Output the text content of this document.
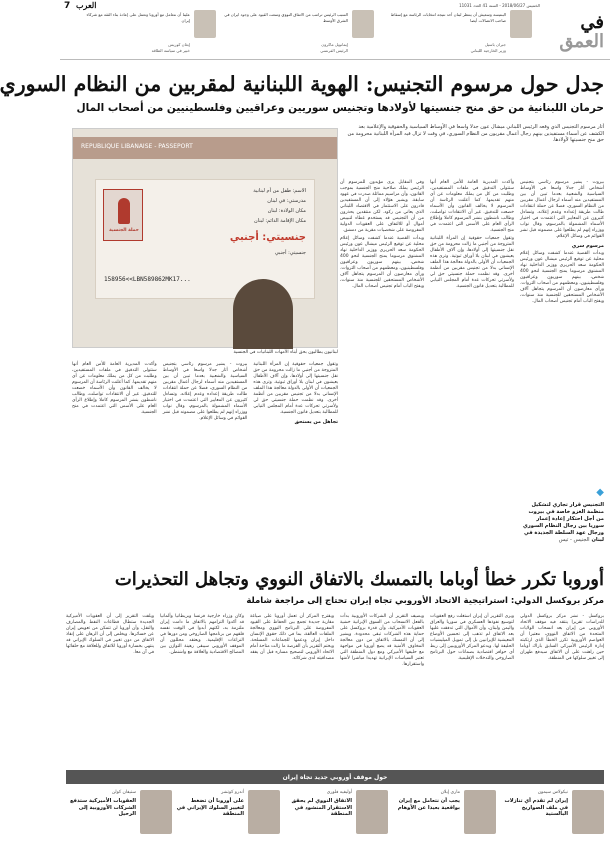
7 العرب	الخميس 2018/06/27 - السنة 41 العدد 11031
في
العمق
البنتيسة وسعيش أن ينتظر لبنان أحد نتيجة انتخابات الرئاسة مع إسقاط صاحب الاتصالات أيضا
جبران باسيل
وزير الخارجية اللبناني
السبب الرئيس ترامب من الاتفاق النووي وسعت القيود على وجود ايران في الشرق الأوسط
إيمانويل ماكرون
الرئيس الفرنسي
علينا أن نتعامل مع أوروبا ونعمل على إعادة بناء الثقة مع شركاء إيران
إيغان كوريس
خبير في سياسة الطاقة
جدل حول مرسوم التجنيس: الهوية اللبنانية لمقربين من النظام السوري
حرمان اللبنانية من حق منح جنسيتها لأولادها وتجنيس سوريين وعراقيين وفلسطينيين من أصحاب المال

أثار مرسوم التجنيس الذي وقعه الرئيس اللبناني ميشال عون جدلا واسعا في الأوساط السياسية والحقوقية والإعلامية بعد الكشف عن أسماء مستفيدين بينهم رجال أعمال مقربون من النظام السوري، في وقت لا تزال فيه المرأة اللبنانية محرومة من حق منح جنسيتها لأولادها.

REPUBLIQUE LIBANAISE - PASSEPORT
الاسم: طفل من أم لبنانية
مدرستي: في لبنان
مكان الولادة: لبنان
مكان الإقامة الدائم: لبنان
جنسيتي: أجنبي
جنسيتي: أجنبي
158956<<LBN589862MK17...
حملة الجنسية
لبنانيون يطالبون بحق أبناء الأمهات اللبنانيات في الجنسية

بيروت - يشير مرسوم رئاسي بتجنيس أشخاص أثار جدلا واسعا في الأوساط السياسية والشعبية بعدما تبين أن بين المستفيدين منه أسماء لرجال أعمال مقربين من النظام السوري، فضلا عن حملة انتقادات طالت طريقة إعداده وعدم إعلانه. وتساءل كثيرون عن المعايير التي اعتمدت في اختيار الأسماء المشمولة بالمرسوم، وقال نواب ووزراء إنهم لم يطلعوا على مضمونه قبل نشر القوائم في وسائل الإعلام.

مرسوم سري

وبدأت القضية عندما كشفت وسائل إعلام محلية عن توقيع الرئيس ميشال عون ورئيس الحكومة سعد الحريري ووزير الداخلية نهاد المشنوق مرسوما يمنح الجنسية لنحو 400 شخص، بينهم سوريون وعراقيون وفلسطينيون، ومعظمهم من أصحاب الثروات. ورأى معارضون أن المرسوم يتجاهل آلاف الأشخاص المستحقين للجنسية منذ سنوات، ويفتح الباب أمام تجنيس أصحاب المال.

وأكدت المديرية العامة للأمن العام أنها ستتولى التدقيق في ملفات المستفيدين، وطلبت من كل من يملك معلومات عن أي منهم تقديمها. كما أعلنت الرئاسة أن المرسوم لا يخالف القانون وأن الأسماء خضعت للتدقيق. غير أن الانتقادات تواصلت، وطالب ناشطون بنشر المرسوم كاملا وإطلاع الرأي العام على الأسس التي اعتمدت في منح الجنسية.

وتقول جمعيات حقوقية إن المرأة اللبنانية المتزوجة من أجنبي ما زالت محرومة من حق نقل جنسيتها إلى أولادها، وإن آلاف الأطفال يعيشون في لبنان بلا أوراق ثبوتية. وترى هذه الجمعيات أن الأولى بالدولة معالجة هذا الملف الإنساني بدلا من تجنيس مقربين من أنظمة أخرى. وقد نظمت حملة جنسيتي حق لي ولأسرتي تحركات عدة أمام المجلس النيابي للمطالبة بتعديل قانون الجنسية.

وفي المقابل يرى مؤيدون للمرسوم أن الرئيس يملك صلاحية منح الجنسية بموجب القانون، وأن مراسيم مماثلة صدرت في عهود سابقة. ويشير هؤلاء إلى أن المستفيدين قادرون على الاستثمار في الاقتصاد اللبناني الذي يعاني من ركود. لكن منتقدين يحذرون من أن التجنيس قد يستخدم غطاء لتبييض أموال أو للالتفاف على العقوبات الدولية المفروضة على شخصيات مقربة من دمشق.

وبدأت القضية عندما كشفت وسائل إعلام محلية عن توقيع الرئيس ميشال عون ورئيس الحكومة سعد الحريري ووزير الداخلية نهاد المشنوق مرسوما يمنح الجنسية لنحو 400 شخص، بينهم سوريون وعراقيون وفلسطينيون، ومعظمهم من أصحاب الثروات. ورأى معارضون أن المرسوم يتجاهل آلاف الأشخاص المستحقين للجنسية منذ سنوات، ويفتح الباب أمام تجنيس أصحاب المال.

وتقول جمعيات حقوقية إن المرأة اللبنانية المتزوجة من أجنبي ما زالت محرومة من حق نقل جنسيتها إلى أولادها، وإن آلاف الأطفال يعيشون في لبنان بلا أوراق ثبوتية. وترى هذه الجمعيات أن الأولى بالدولة معالجة هذا الملف الإنساني بدلا من تجنيس مقربين من أنظمة أخرى. وقد نظمت حملة جنسيتي حق لي ولأسرتي تحركات عدة أمام المجلس النيابي للمطالبة بتعديل قانون الجنسية.

تجاهل من يستحق

بيروت - يشير مرسوم رئاسي بتجنيس أشخاص أثار جدلا واسعا في الأوساط السياسية والشعبية بعدما تبين أن بين المستفيدين منه أسماء لرجال أعمال مقربين من النظام السوري، فضلا عن حملة انتقادات طالت طريقة إعداده وعدم إعلانه. وتساءل كثيرون عن المعايير التي اعتمدت في اختيار الأسماء المشمولة بالمرسوم، وقال نواب ووزراء إنهم لم يطلعوا على مضمونه قبل نشر القوائم في وسائل الإعلام.

وأكدت المديرية العامة للأمن العام أنها ستتولى التدقيق في ملفات المستفيدين، وطلبت من كل من يملك معلومات عن أي منهم تقديمها. كما أعلنت الرئاسة أن المرسوم لا يخالف القانون وأن الأسماء خضعت للتدقيق. غير أن الانتقادات تواصلت، وطالب ناشطون بنشر المرسوم كاملا وإطلاع الرأي العام على الأسس التي اعتمدت في منح الجنسية.

◆
التجنيس قرار تجاري لتشكيل منظمة الغزو خاصة في بيروت من أجل احتكار إعادة إعمار سوريا بين رجال النظام السوري ورجال عهد السلطة الجديدة في لبنان الجنيس - تيس
أوروبا تكرر خطأ أوباما بالتمسك بالاتفاق النووي وتجاهل التحذيرات
مركز بروكسل الدولي: استراتيجية الاتحاد الأوروبي تجاه إيران تحتاج إلى مراجعة شاملة

بروكسل - نشر مركز بروكسل الدولي للدراسات تقريرا ينتقد فيه موقف الاتحاد الأوروبي من إيران بعد انسحاب الولايات المتحدة من الاتفاق النووي، معتبرا أن العواصم الأوروبية تكرر الخطأ الذي ارتكبته إدارة الرئيس الأميركي السابق باراك أوباما حين راهنت على أن الاتفاق سيدفع طهران إلى تغيير سلوكها في المنطقة.

ويرى التقرير أن إيران استغلت رفع العقوبات لتوسيع نفوذها العسكري في سوريا والعراق واليمن ولبنان، وأن الأموال التي تدفقت عليها بعد الاتفاق لم تذهب إلى تحسين الأوضاع المعيشية للإيرانيين بل إلى تمويل الميليشيات الحليفة لها. ويدعو المركز الأوروبيين إلى ربط أي حوافز اقتصادية بضمانات حول البرنامج الصاروخي والتدخلات الإقليمية.

ويضيف التقرير أن الشركات الأوروبية بدأت بالفعل الانسحاب من السوق الإيرانية خشية العقوبات الأميركية، وأن قدرة بروكسل على حماية هذه الشركات تبقى محدودة. ويشير إلى أن التمسك بالاتفاق من دون معالجة المخاوف الأمنية قد يضع أوروبا في مواجهة مع حليفها الأميركي ومع دول المنطقة التي تعتبر السياسات الإيرانية تهديدا مباشرا لأمنها واستقرارها.

ويقترح المركز أن تعمل أوروبا على صياغة مقاربة جديدة تجمع بين الحفاظ على القيود المفروضة على البرنامج النووي ومعالجة الملفات العالقة، بما في ذلك حقوق الإنسان داخل إيران ودعمها للجماعات المسلحة. ويختم التقرير بأن الفرصة ما زالت متاحة أمام الاتحاد الأوروبي لتصحيح مساره قبل أن يفقد مصداقيته لدى شركائه.

وكان وزراء خارجية فرنسا وبريطانيا وألمانيا قد أكدوا التزامهم بالاتفاق ما دامت إيران ملتزمة به، لكنهم أبدوا في الوقت نفسه قلقهم من برنامجها الصاروخي ومن دورها في النزاعات الإقليمية. ويعتقد محللون أن الموقف الأوروبي سيبقى رهينة التوازن بين المصالح الاقتصادية والعلاقة مع واشنطن.

ويلفت التقرير إلى أن العقوبات الأميركية الجديدة ستطال قطاعات النفط والمصارف والنقل، وأن أوروبا لن تتمكن من تعويض إيران عن خسائرها. ويخلص إلى أن الرهان على إنقاذ الاتفاق من دون تغيير في السلوك الإيراني قد ينتهي بخسارة أوروبا للاتفاق وللعلاقة مع حلفائها في آن معا.

حول موقف أوروبي جديد تجاه إيران
نيكولاس سيمون
إيران لم تقدم أي تنازلات في ملف الصواريخ البالستية
ماري إيلان
يجب أن نتعامل مع إيران بواقعية بعيدا عن الأوهام
أوليفيه فلوري
الاتفاق النووي لم يحقق الاستقرار المنشود في المنطقة
أندرو كوتشر
على أوروبا أن تضغط لتغيير السلوك الإيراني في المنطقة
ستيفان كولن
العقوبات الأميركية ستدفع الشركات الأوروبية إلى الرحيل
